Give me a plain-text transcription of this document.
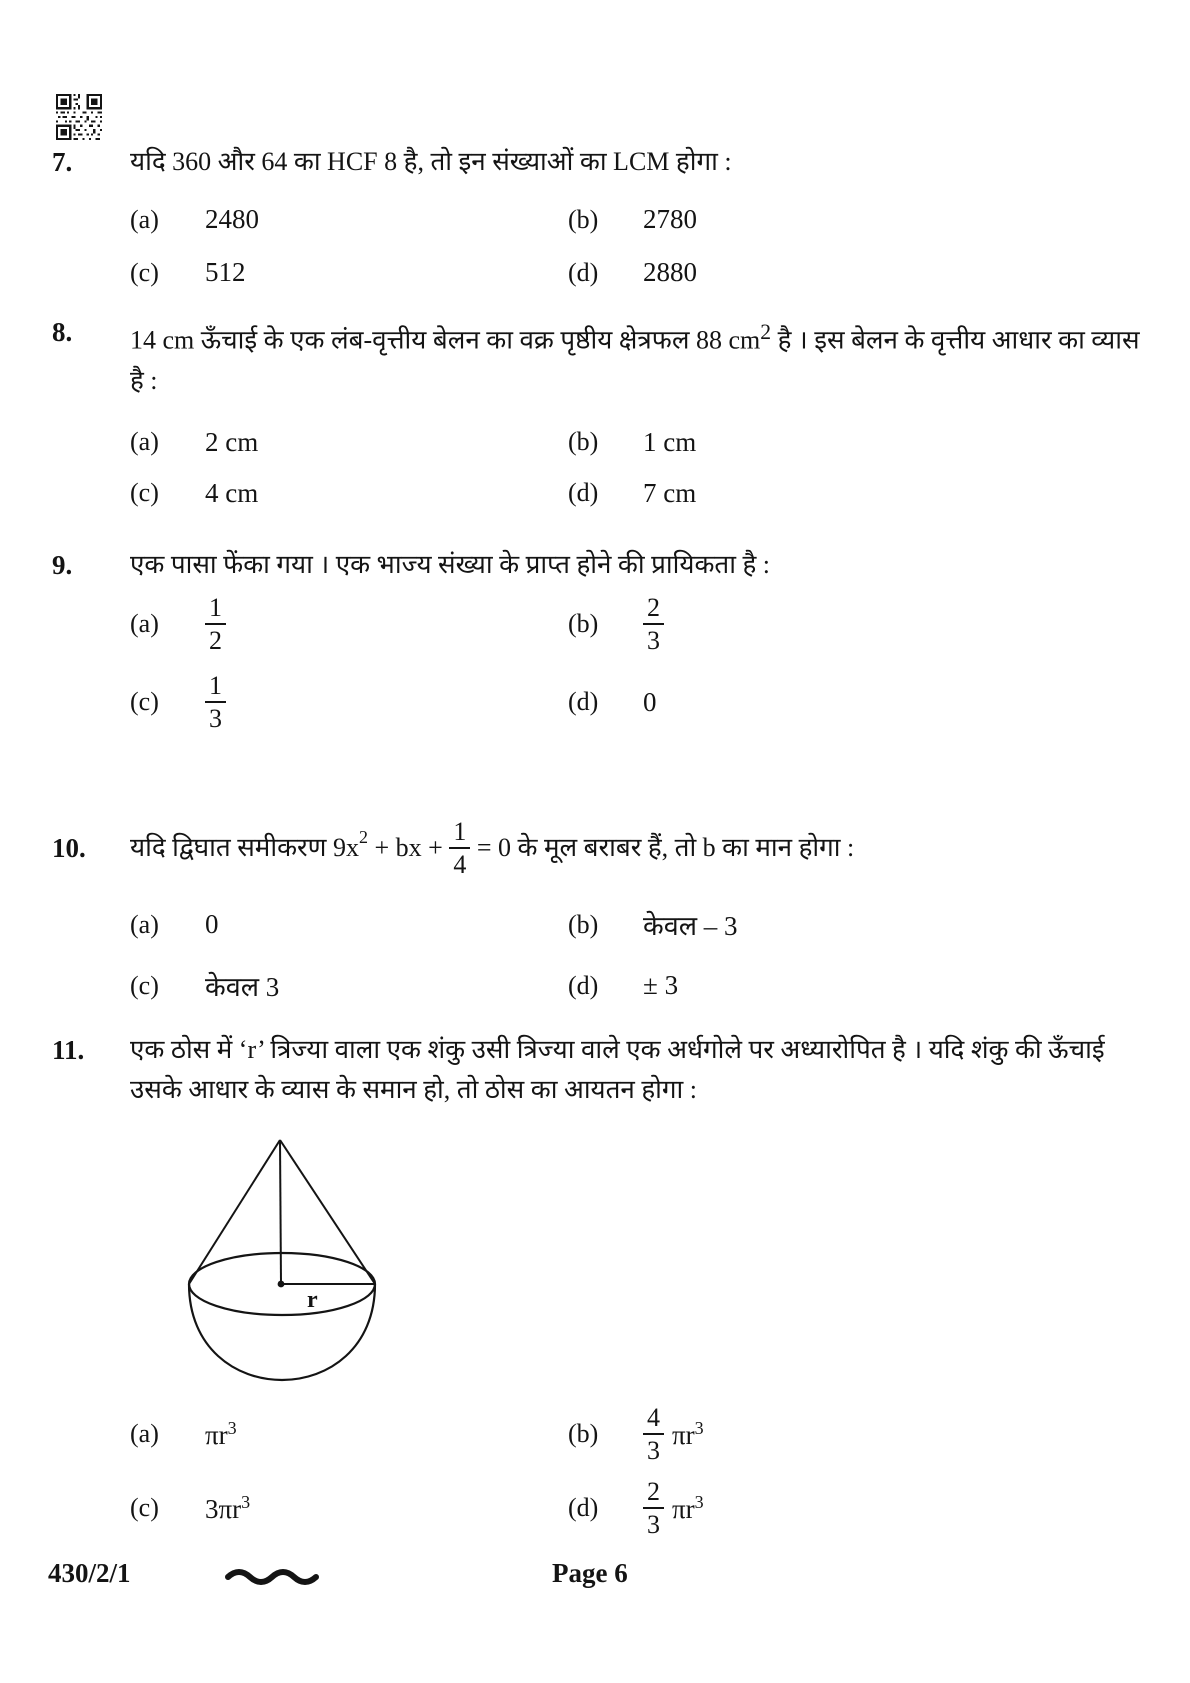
7.	यदि 360 और 64 का HCF 8 है, तो इन संख्याओं का LCM होगा :
(a)	2480	(b)	2780
(c)	512	(d)	2880
8.	14 cm ऊँचाई के एक लंब-वृत्तीय बेलन का वक्र पृष्ठीय क्षेत्रफल 88 $cm^2$ है । इस बेलन के वृत्तीय आधार का व्यास है :
(a)	2 cm	(b)	1 cm
(c)	4 cm	(d)	7 cm
9.	एक पासा फेंका गया । एक भाज्य संख्या के प्राप्त होने की प्रायिकता है :
(a)	$\frac{1}{2}$	(b)	$\frac{2}{3}$
(c)	$\frac{1}{3}$	(d)	0
10.	यदि द्विघात समीकरण $9x^2$ + bx + $\frac{1}{4} = 0$ के मूल बराबर हैं, तो b का मान होगा :
(a)	0	(b)	केवल – 3
(c)	केवल 3	(d)	± 3
11.	एक ठोस में ‘r’ त्रिज्या वाला एक शंकु उसी त्रिज्या वाले एक अर्धगोले पर अध्यारोपित है । यदि शंकु की ऊँचाई उसके आधार के व्यास के समान हो, तो ठोस का आयतन होगा :
r
(a)	$\pi r^3$	(b)	$\frac{4}{3} \pi r^3$
(c)	$3\pi r^3$	(d)	$\frac{2}{3} \pi r^3$
430/2/1	Page 6
